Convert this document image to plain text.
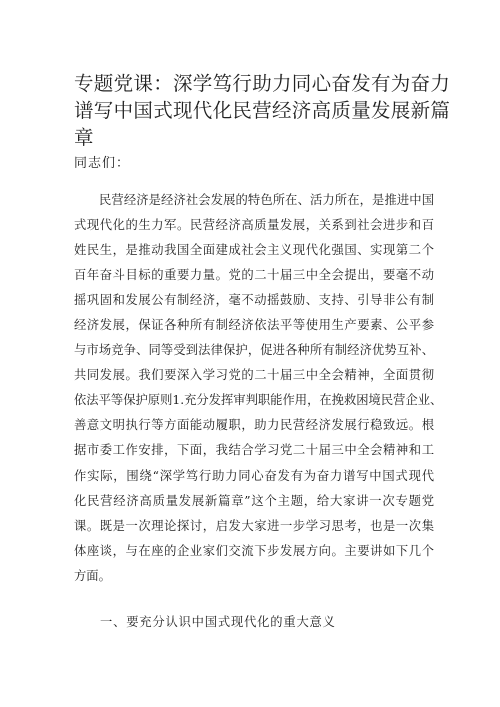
专题党课：深学笃行助力同心奋发有为奋力
谱写中国式现代化民营经济高质量发展新篇
章
同志们：
民营经济是经济社会发展的特色所在、活力所在，是推进中国
式现代化的生力军。民营经济高质量发展，关系到社会进步和百
姓民生，是推动我国全面建成社会主义现代化强国、实现第二个
百年奋斗目标的重要力量。党的二十届三中全会提出，要毫不动
摇巩固和发展公有制经济，毫不动摇鼓励、支持、引导非公有制
经济发展，保证各种所有制经济依法平等使用生产要素、公平参
与市场竞争、同等受到法律保护，促进各种所有制经济优势互补、
共同发展。我们要深入学习党的二十届三中全会精神，全面贯彻
依法平等保护原则1.充分发挥审判职能作用，在挽救困境民营企业、
善意文明执行等方面能动履职，助力民营经济发展行稳致远。根
据市委工作安排，下面，我结合学习党二十届三中全会精神和工
作实际，围绕“深学笃行助力同心奋发有为奋力谱写中国式现代
化民营经济高质量发展新篇章”这个主题，给大家讲一次专题党
课。既是一次理论探讨，启发大家进一步学习思考，也是一次集
体座谈，与在座的企业家们交流下步发展方向。主要讲如下几个
方面。
一、要充分认识中国式现代化的重大意义
